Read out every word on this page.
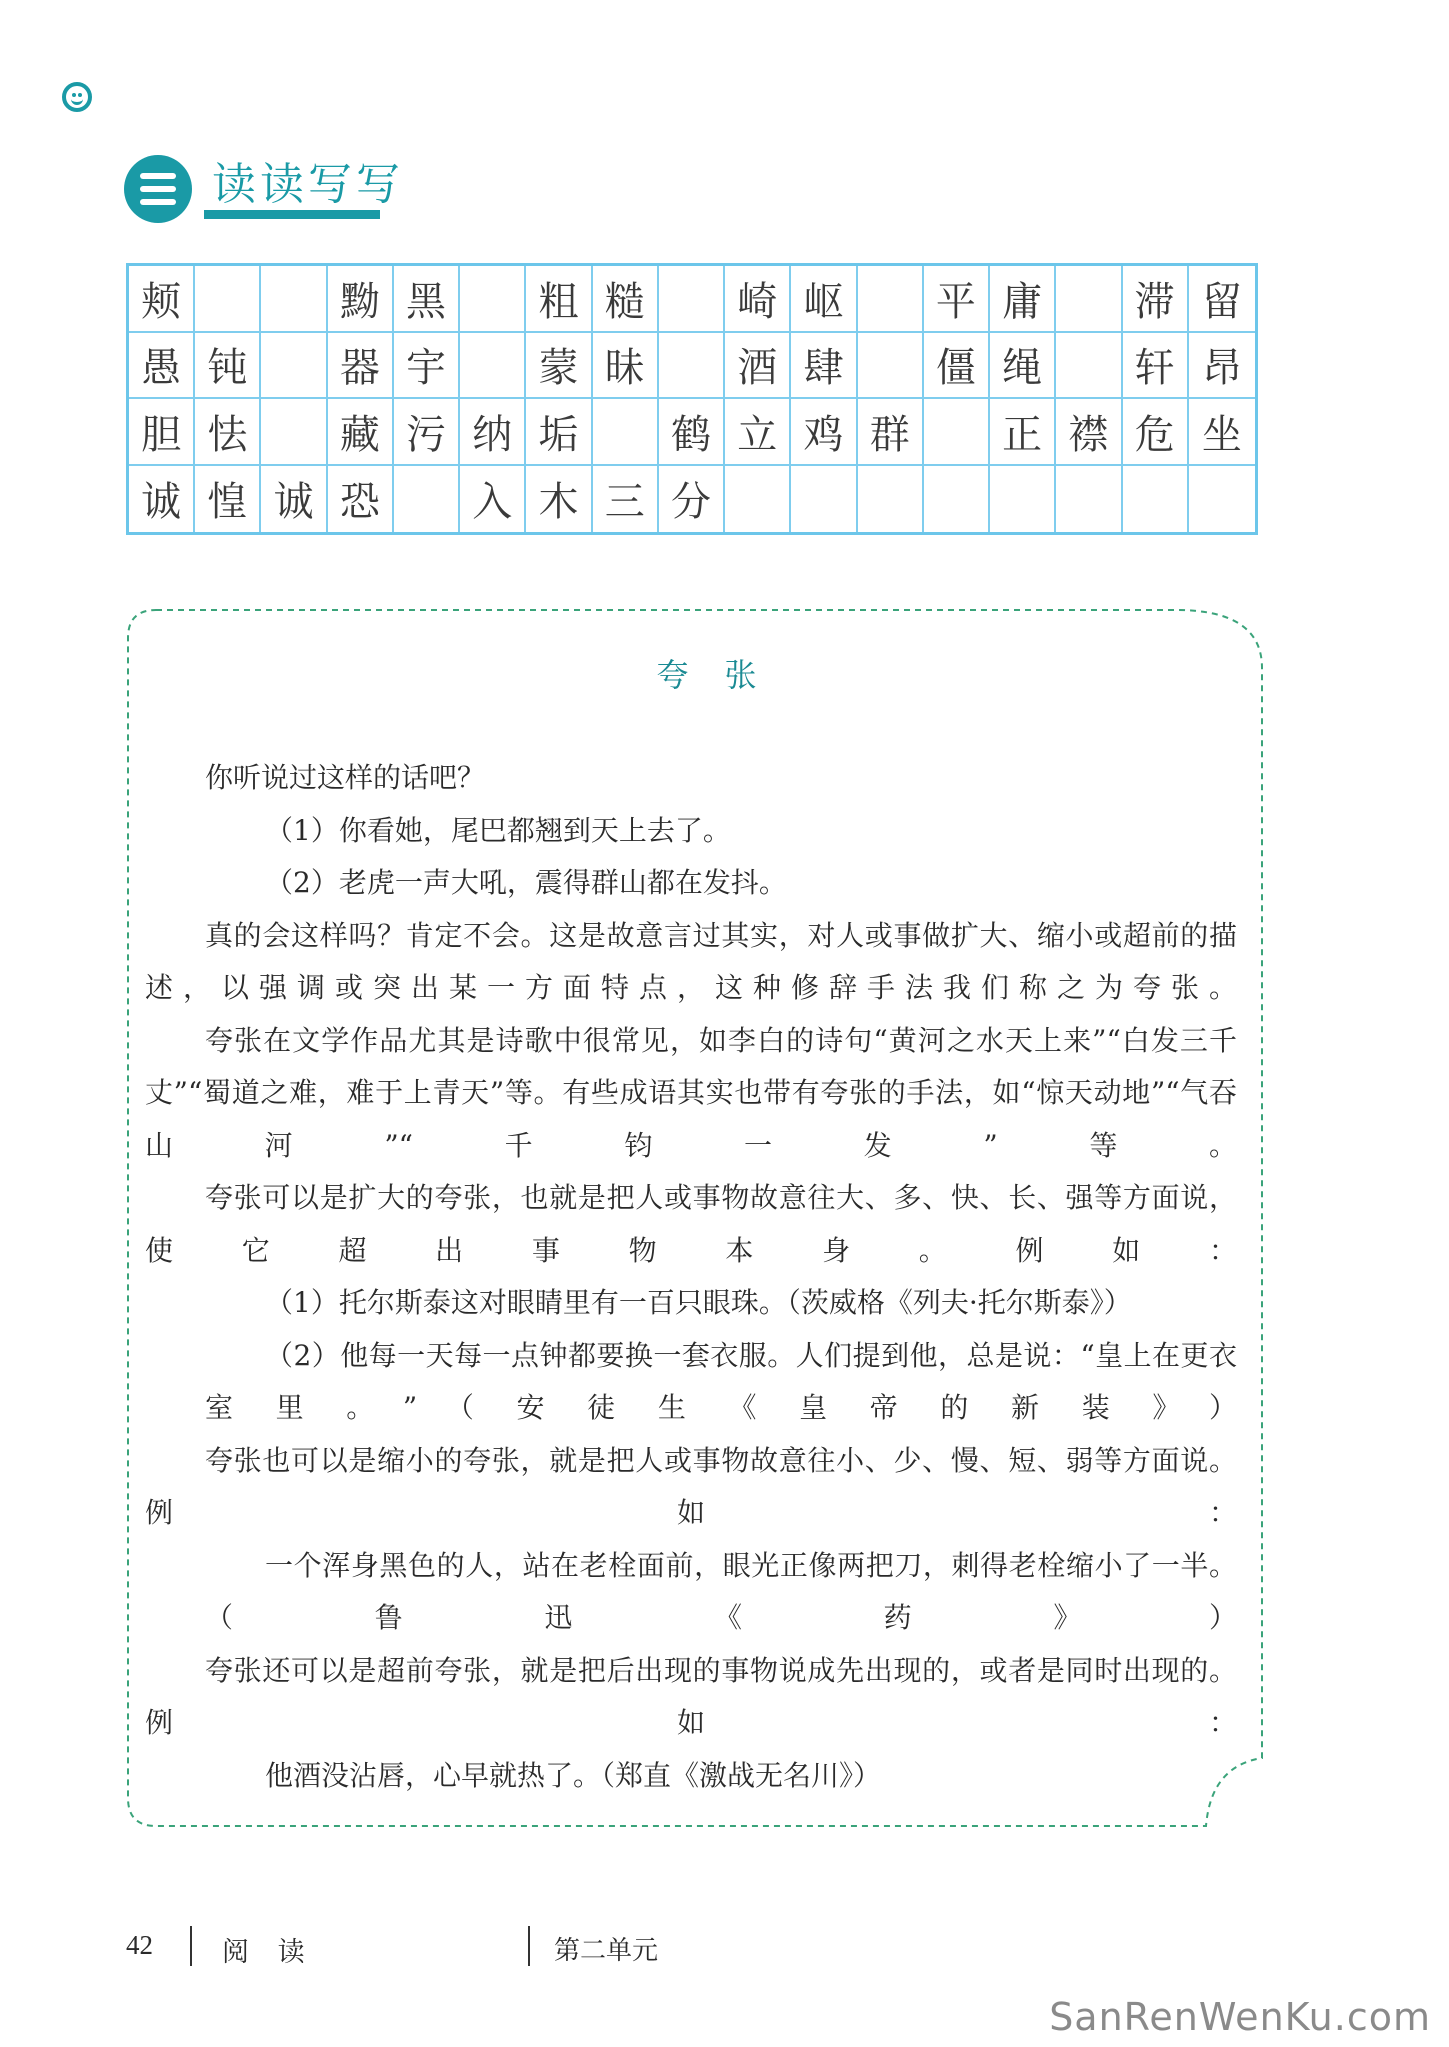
读读写写
颊	黝 黑	粗 糙	崎 岖	平 庸	滞 留
愚 钝	器 宇	蒙 昧	酒 肆	僵 绳	轩 昂
胆 怯	藏 污 纳 垢	鹤 立 鸡 群	正 襟 危 坐
诚 惶 诚 恐	入 木 三 分
夸张

你听说过这样的话吧？

（1）你看她，尾巴都翘到天上去了。

（2）老虎一声大吼，震得群山都在发抖。

真的会这样吗？肯定不会。这是故意言过其实，对人或事做扩大、缩小或超前的描述，以强调或突出某一方面特点，这种修辞手法我们称之为夸张。

夸张在文学作品尤其是诗歌中很常见，如李白的诗句“黄河之水天上来”“白发三千丈”“蜀道之难，难于上青天”等。有些成语其实也带有夸张的手法，如“惊天动地”“气吞山河”“千钧一发”等。

夸张可以是扩大的夸张，也就是把人或事物故意往大、多、快、长、强等方面说，使它超出事物本身。例如：

（1）托尔斯泰这对眼睛里有一百只眼珠。（茨威格《列夫·托尔斯泰》）

（2）他每一天每一点钟都要换一套衣服。人们提到他，总是说：“皇上在更衣室里。”（安徒生《皇帝的新装》）

夸张也可以是缩小的夸张，就是把人或事物故意往小、少、慢、短、弱等方面说。例如：

一个浑身黑色的人，站在老栓面前，眼光正像两把刀，刺得老栓缩小了一半。（鲁迅《药》）

夸张还可以是超前夸张，就是把后出现的事物说成先出现的，或者是同时出现的。例如：

他酒没沾唇，心早就热了。（郑直《激战无名川》）

42	阅 读	第二单元
SanRenWenKu.com
